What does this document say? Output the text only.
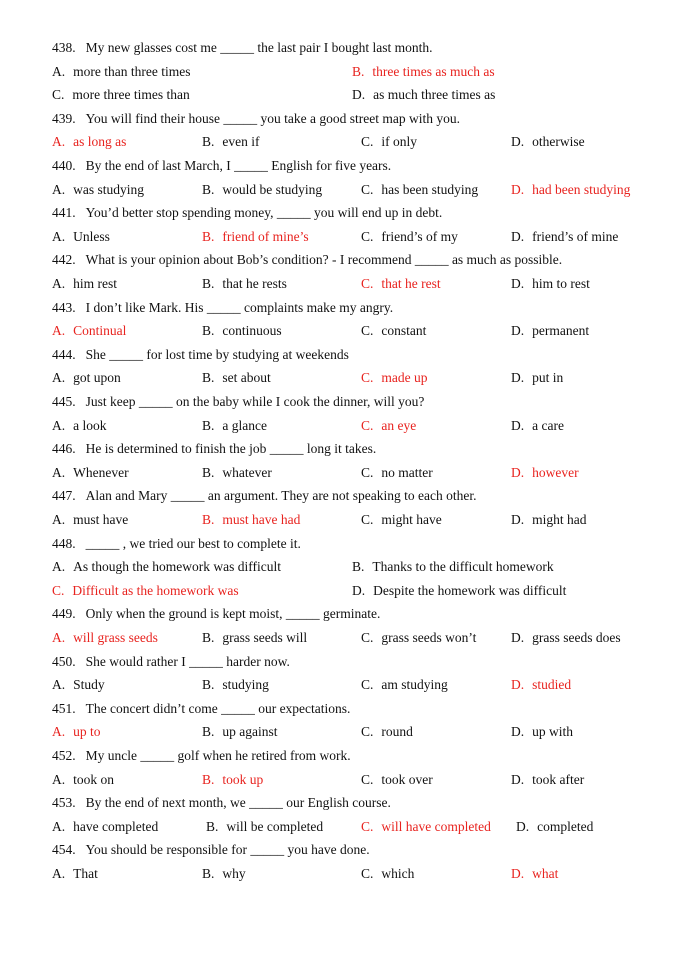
438. My new glasses cost me _____ the last pair I bought last month.
A. more than three times	B. three times as much as
C. more three times than	D. as much three times as
439. You will find their house _____ you take a good street map with you.
A. as long as	B. even if	C. if only	D. otherwise
440. By the end of last March, I _____ English for five years.
A. was studying	B. would be studying	C. has been studying D. had been studying
441. You’d better stop spending money, _____ you will end up in debt.
A. Unless	B. friend of mine’s	C. friend’s of my	D. friend’s of mine
442. What is your opinion about Bob’s condition? - I recommend _____ as much as possible.
A. him rest	B. that he rests	C. that he rest	D. him to rest
443. I don’t like Mark. His _____ complaints make my angry.
A. Continual	B. continuous	C. constant	D. permanent
444. She _____ for lost time by studying at weekends
A. got upon	B. set about	C. made up	D. put in
445. Just keep _____ on the baby while I cook the dinner, will you?
A. a look	B. a glance	C. an eye	D. a care
446. He is determined to finish the job _____ long it takes.
A. Whenever	B. whatever	C. no matter	D. however
447. Alan and Mary _____ an argument. They are not speaking to each other.
A. must have	B. must have had	C. might have	D. might had
448. _____ , we tried our best to complete it.
A. As though the homework was difficult	B. Thanks to the difficult homework
C. Difficult as the homework was	D. Despite the homework was difficult
449. Only when the ground is kept moist, _____ germinate.
A. will grass seeds	B. grass seeds will	C. grass seeds won’t	D. grass seeds does
450. She would rather I _____ harder now.
A. Study	B. studying	C. am studying	D. studied
451. The concert didn’t come _____ our expectations.
A. up to	B. up against	C. round	D. up with
452. My uncle _____ golf when he retired from work.
A. took on	B. took up	C. took over	D. took after
453. By the end of next month, we _____ our English course.
A. have completed	B. will be completed	C. will have completed D. completed
454. You should be responsible for _____ you have done.
A. That	B. why	C. which	D. what
